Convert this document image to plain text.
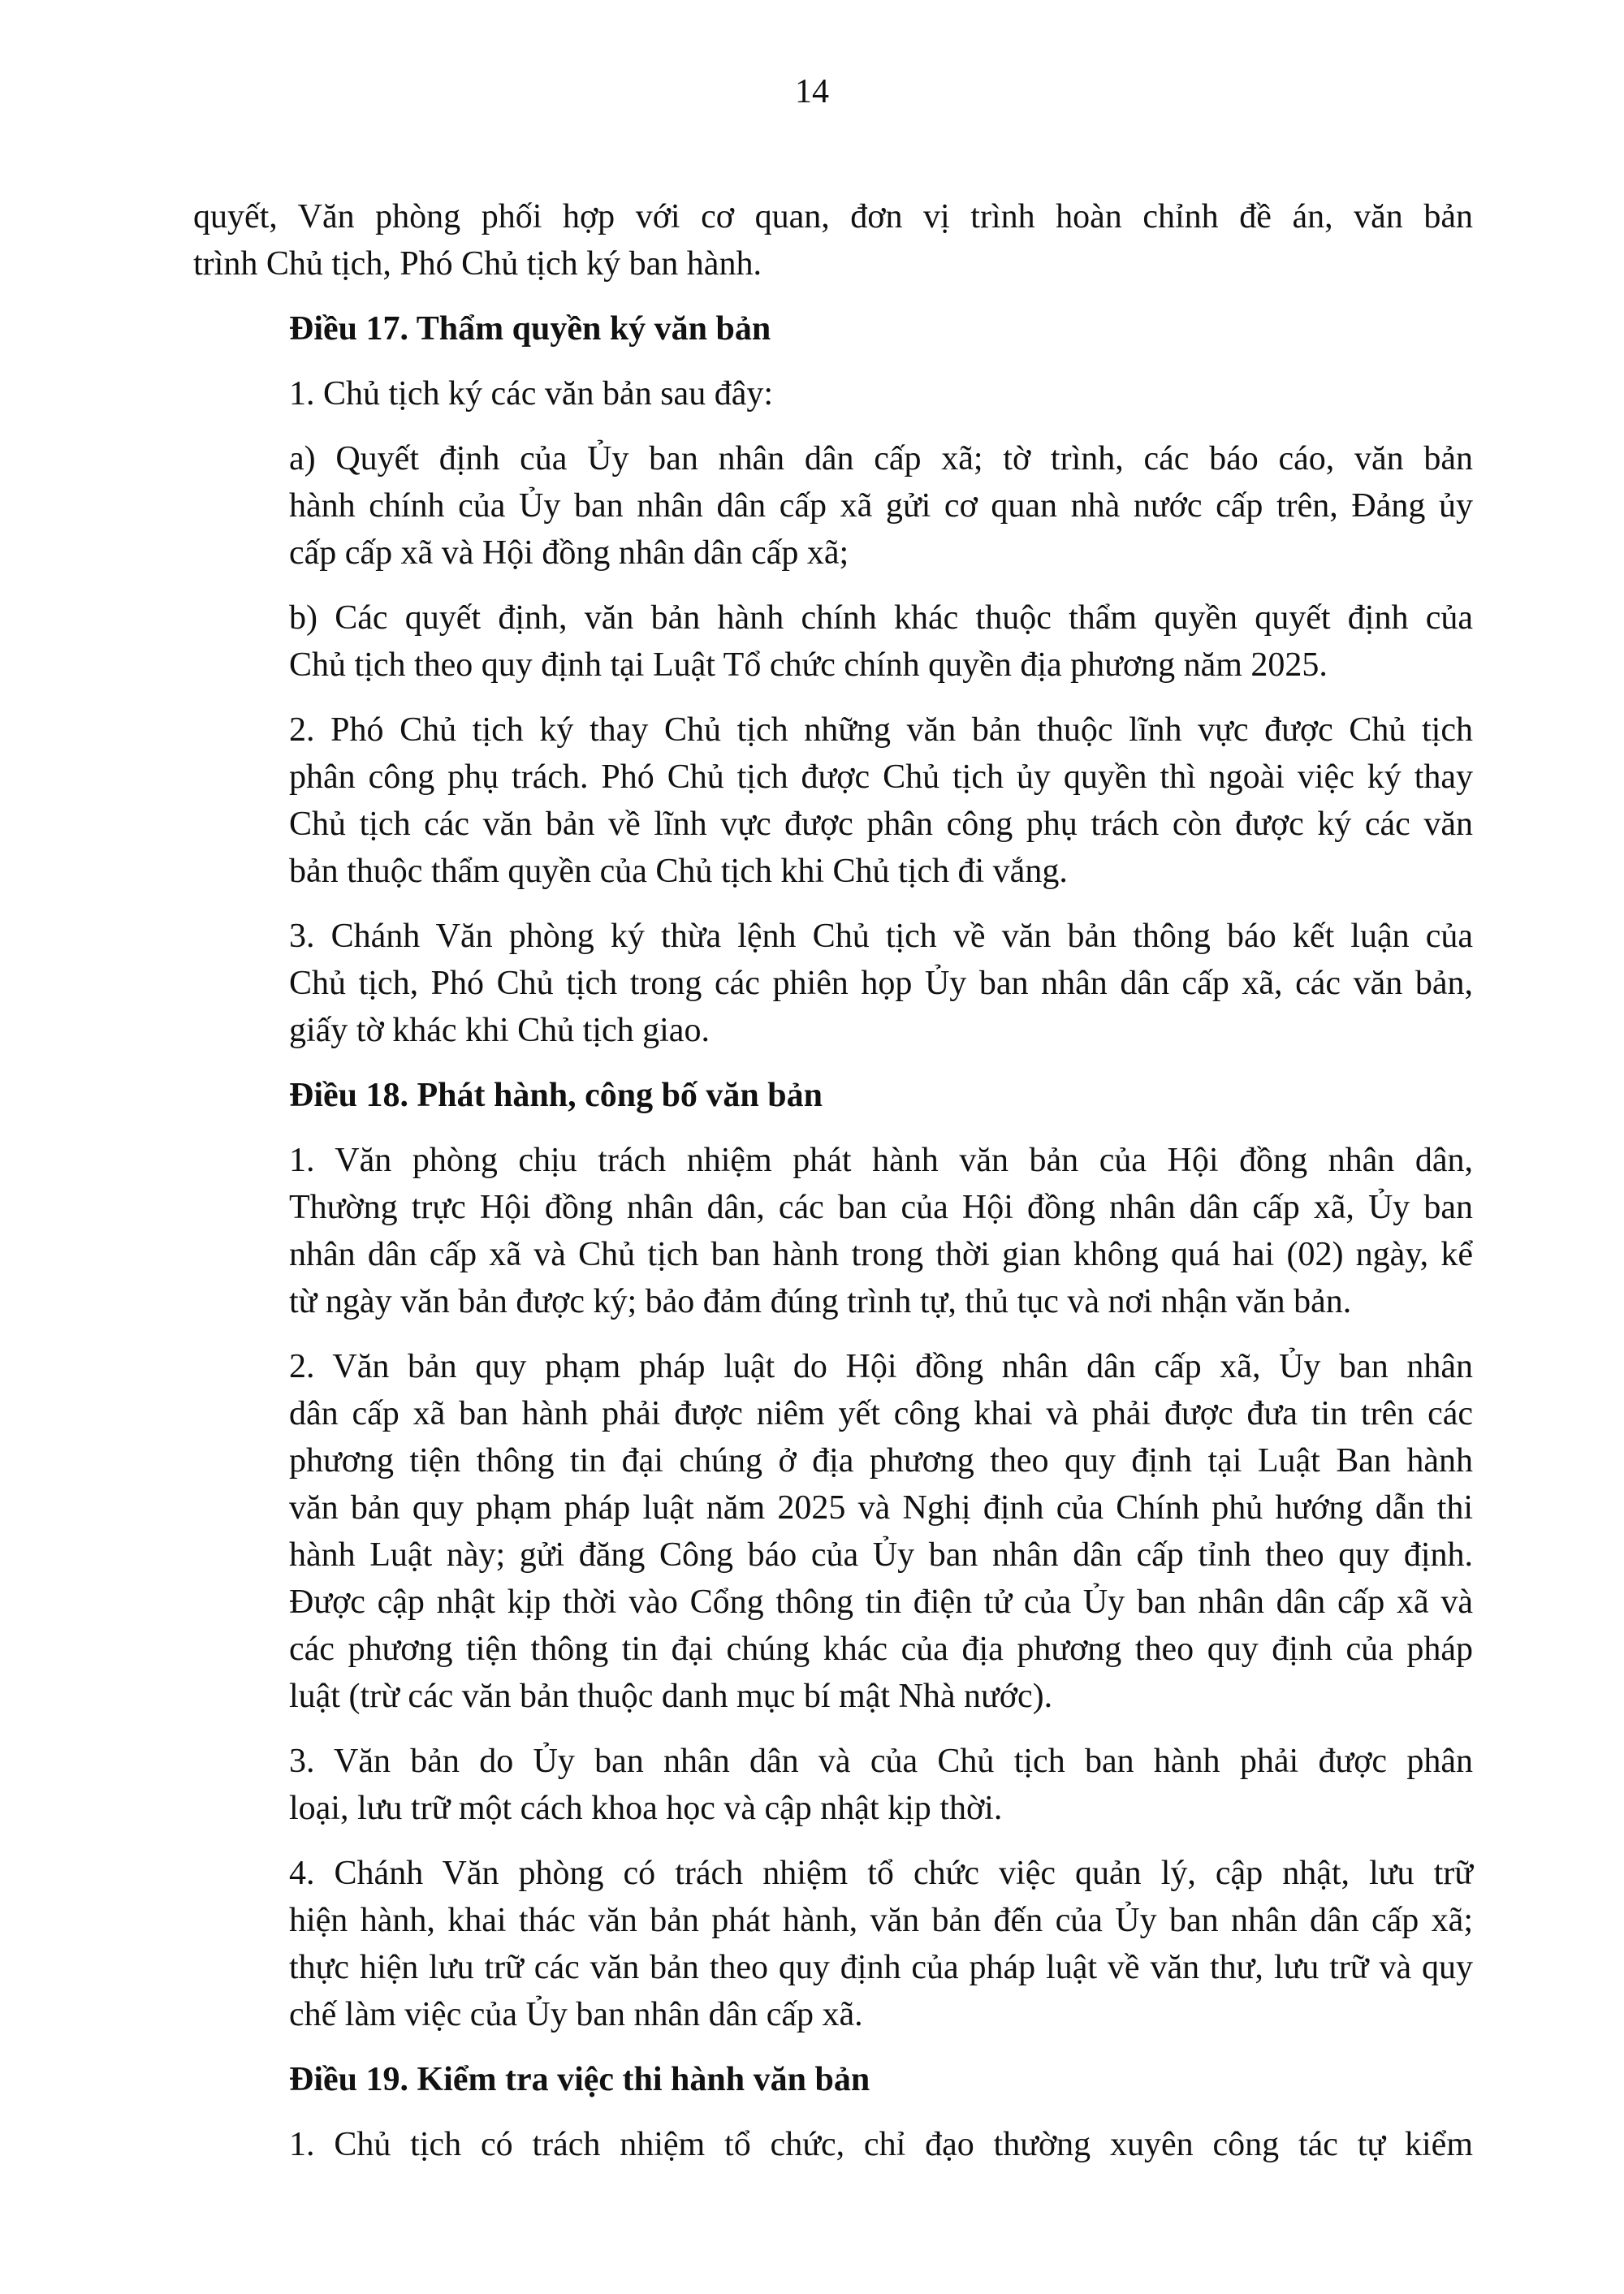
14
quyết, Văn phòng phối hợp với cơ quan, đơn vị trình hoàn chỉnh đề án, văn bản
trình Chủ tịch, Phó Chủ tịch ký ban hành.
Điều 17. Thẩm quyền ký văn bản
1. Chủ tịch ký các văn bản sau đây:
a) Quyết định của Ủy ban nhân dân cấp xã; tờ trình, các báo cáo, văn bản
hành chính của Ủy ban nhân dân cấp xã gửi cơ quan nhà nước cấp trên, Đảng ủy
cấp cấp xã và Hội đồng nhân dân cấp xã;
b) Các quyết định, văn bản hành chính khác thuộc thẩm quyền quyết định của
Chủ tịch theo quy định tại Luật Tổ chức chính quyền địa phương năm 2025.
2. Phó Chủ tịch ký thay Chủ tịch những văn bản thuộc lĩnh vực được Chủ tịch
phân công phụ trách. Phó Chủ tịch được Chủ tịch ủy quyền thì ngoài việc ký thay
Chủ tịch các văn bản về lĩnh vực được phân công phụ trách còn được ký các văn
bản thuộc thẩm quyền của Chủ tịch khi Chủ tịch đi vắng.
3. Chánh Văn phòng ký thừa lệnh Chủ tịch về văn bản thông báo kết luận của
Chủ tịch, Phó Chủ tịch trong các phiên họp Ủy ban nhân dân cấp xã, các văn bản,
giấy tờ khác khi Chủ tịch giao.
Điều 18. Phát hành, công bố văn bản
1. Văn phòng chịu trách nhiệm phát hành văn bản của Hội đồng nhân dân,
Thường trực Hội đồng nhân dân, các ban của Hội đồng nhân dân cấp xã, Ủy ban
nhân dân cấp xã và Chủ tịch ban hành trong thời gian không quá hai (02) ngày, kể
từ ngày văn bản được ký; bảo đảm đúng trình tự, thủ tục và nơi nhận văn bản.
2. Văn bản quy phạm pháp luật do Hội đồng nhân dân cấp xã, Ủy ban nhân
dân cấp xã ban hành phải được niêm yết công khai và phải được đưa tin trên các
phương tiện thông tin đại chúng ở địa phương theo quy định tại Luật Ban hành
văn bản quy phạm pháp luật năm 2025 và Nghị định của Chính phủ hướng dẫn thi
hành Luật này; gửi đăng Công báo của Ủy ban nhân dân cấp tỉnh theo quy định.
Được cập nhật kịp thời vào Cổng thông tin điện tử của Ủy ban nhân dân cấp xã và
các phương tiện thông tin đại chúng khác của địa phương theo quy định của pháp
luật (trừ các văn bản thuộc danh mục bí mật Nhà nước).
3. Văn bản do Ủy ban nhân dân và của Chủ tịch ban hành phải được phân
loại, lưu trữ một cách khoa học và cập nhật kịp thời.
4. Chánh Văn phòng có trách nhiệm tổ chức việc quản lý, cập nhật, lưu trữ
hiện hành, khai thác văn bản phát hành, văn bản đến của Ủy ban nhân dân cấp xã;
thực hiện lưu trữ các văn bản theo quy định của pháp luật về văn thư, lưu trữ và quy
chế làm việc của Ủy ban nhân dân cấp xã.
Điều 19. Kiểm tra việc thi hành văn bản
1. Chủ tịch có trách nhiệm tổ chức, chỉ đạo thường xuyên công tác tự kiểm
